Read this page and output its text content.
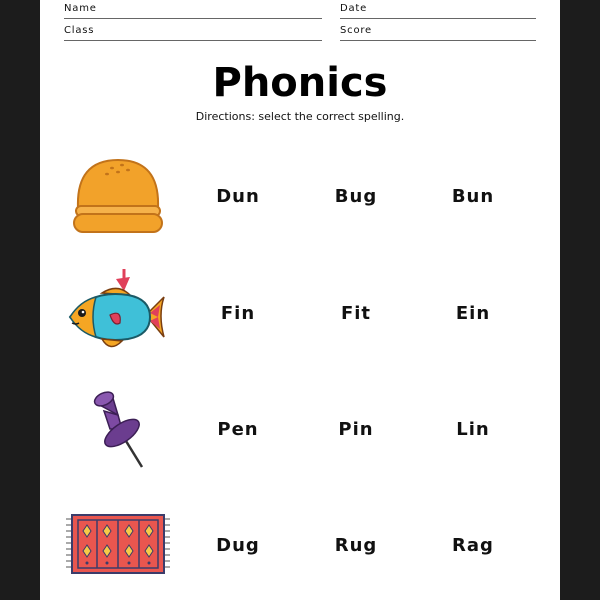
Name	Date
Class	Score
Phonics
Directions: select the correct spelling.
Dun	Bug	Bun
Fin	Fit	Ein
Pen	Pin	Lin
Dug	Rug	Rag
